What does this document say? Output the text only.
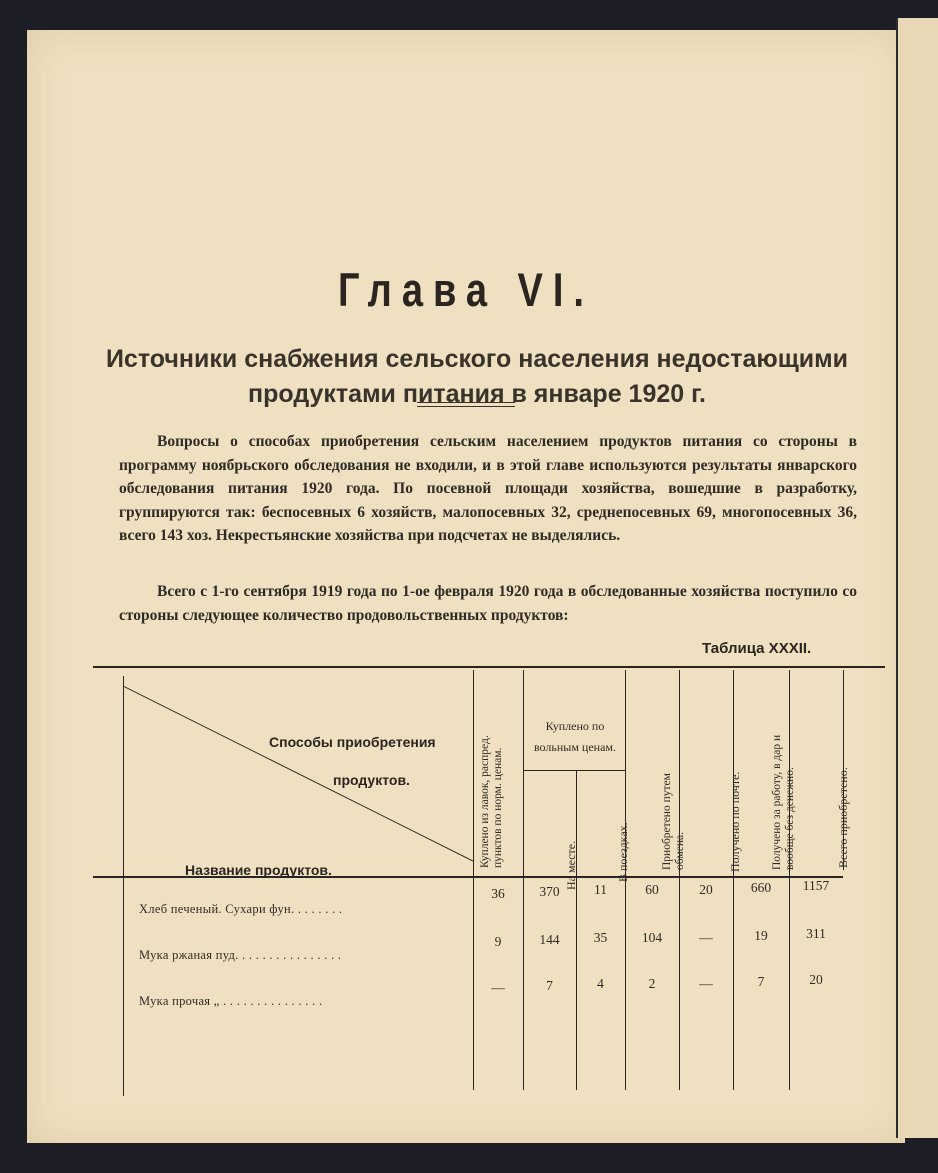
Глава VI.
Источники снабжения сельского населения недостающими продуктами питания в январе 1920 г.
Вопросы о способах приобретения сельским населением продуктов питания со стороны в программу ноябрьского обследования не входили, и в этой главе используются результаты январского обследования питания 1920 года. По посевной площади хозяйства, вошедшие в разработку, группируются так: беспосевных 6 хозяйств, малопосевных 32, среднепосевных 69, многопосевных 36, всего 143 хоз. Некрестьянские хозяйства при подсчетах не выделялись.
Всего с 1-го сентября 1919 года по 1-ое февраля 1920 года в обследованные хозяйства поступило со стороны следующее количество продовольственных продуктов:
Таблица XXXII.
Способы приобретения
продуктов.
Название продуктов.
Куплено из лавок, распред. пунктов по норм. ценам.
Куплено по вольным ценам.
На месте.	В поездках.	Приобретено путем обмена.	Получено по почте.	Получено за работу, в дар и вообще без денежно.	Всего приобретено.
Хлеб печеный. Сухари фун. . . . . . . .
36	370	11	60	20	660	1157
Мука ржаная пуд. . . . . . . . . . . . . . . .
9	144	35	104	—	19	311
Мука прочая „ . . . . . . . . . . . . . . .
—	7	4	2	—	7	20
